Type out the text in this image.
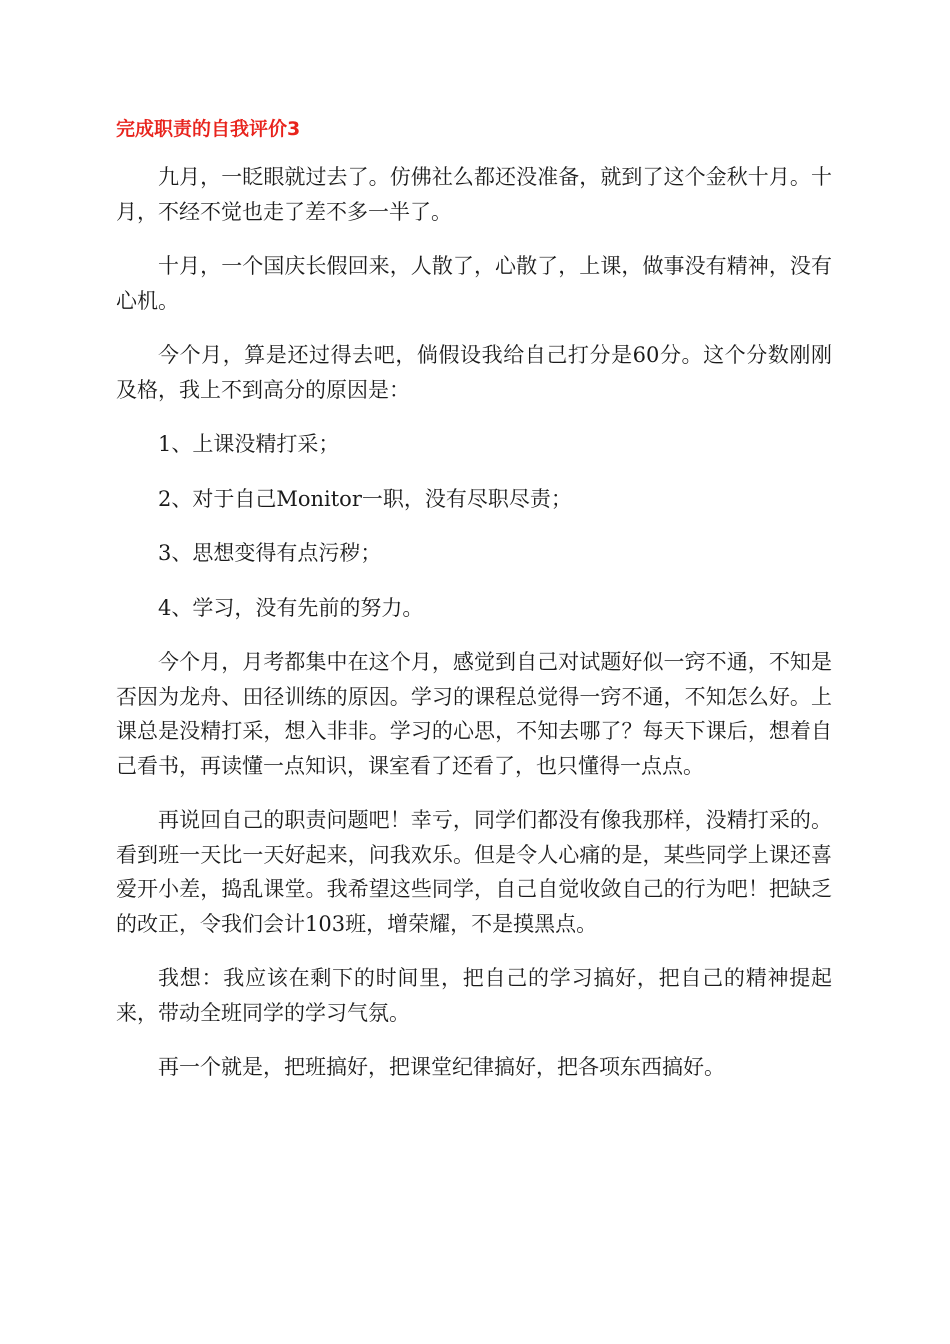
完成职责的自我评价3

九月，一眨眼就过去了。仿佛社么都还没准备，就到了这个金秋十月。十月，不经不觉也走了差不多一半了。

十月，一个国庆长假回来，人散了，心散了，上课，做事没有精神，没有心机。

今个月，算是还过得去吧，倘假设我给自己打分是60分。这个分数刚刚及格，我上不到高分的原因是：

1、上课没精打采；

2、对于自己Monitor一职，没有尽职尽责；

3、思想变得有点污秽；

4、学习，没有先前的努力。

今个月，月考都集中在这个月，感觉到自己对试题好似一窍不通，不知是否因为龙舟、田径训练的原因。学习的课程总觉得一窍不通，不知怎么好。上课总是没精打采，想入非非。学习的心思，不知去哪了？每天下课后，想着自己看书，再读懂一点知识，课室看了还看了，也只懂得一点点。

再说回自己的职责问题吧！幸亏，同学们都没有像我那样，没精打采的。看到班一天比一天好起来，问我欢乐。但是令人心痛的是，某些同学上课还喜爱开小差，捣乱课堂。我希望这些同学，自己自觉收敛自己的行为吧！把缺乏的改正，令我们会计103班，增荣耀，不是摸黑点。

我想：我应该在剩下的时间里，把自己的学习搞好，把自己的精神提起来，带动全班同学的学习气氛。

再一个就是，把班搞好，把课堂纪律搞好，把各项东西搞好。
